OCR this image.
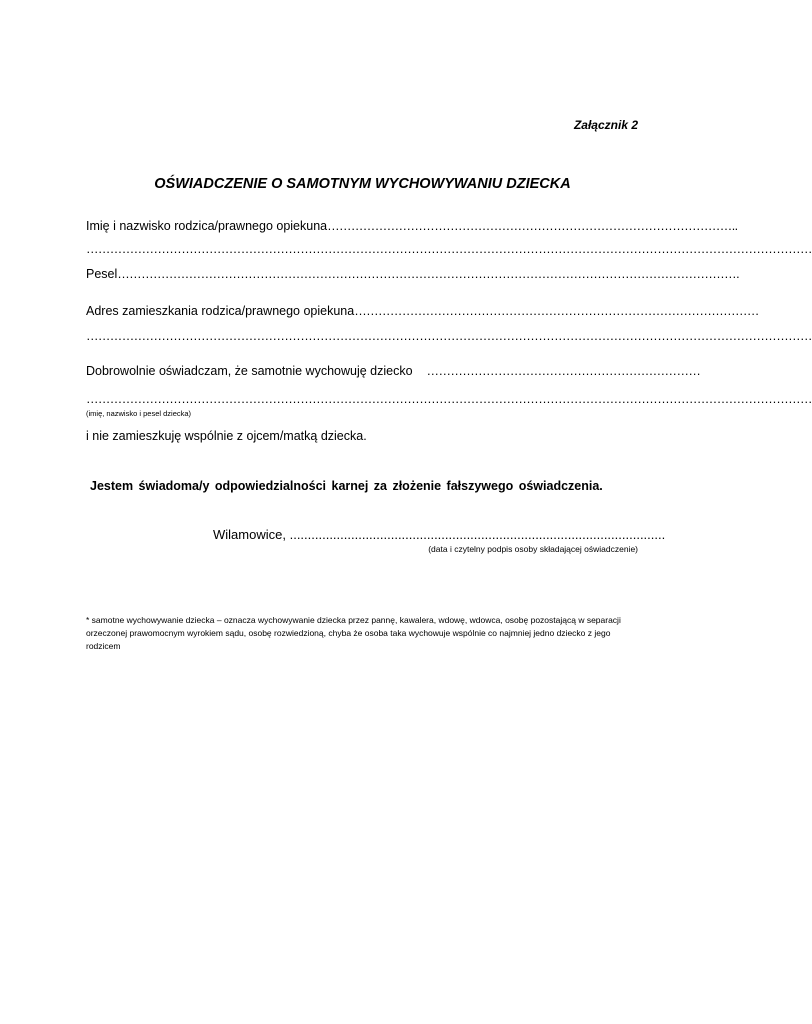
Załącznik 2
OŚWIADCZENIE O SAMOTNYM WYCHOWYWANIU DZIECKA
Imię i nazwisko rodzica/prawnego opiekuna…………………………………………………………………………………………..
…………………………………………………………………………………………………………………………………………………………………
Pesel………………………………………………………………………………………………………………………………………….
Adres zamieszkania rodzica/prawnego opiekuna…………………………………………………………………………………………
…………………………………………………………………………………………………………………………………………………………………
Dobrowolnie oświadczam, że samotnie wychowuję dziecko ……………………………………………………………
…………………………………………………………………………………………………………………………………………………………………
(imię, nazwisko i pesel dziecka)
i nie zamieszkuję wspólnie z ojcem/matką dziecka.
Jestem świadoma/y odpowiedzialności karnej za złożenie fałszywego oświadczenia.
Wilamowice, ........................................................................................................
(data i czytelny podpis osoby składającej oświadczenie)
* samotne wychowywanie dziecka – oznacza wychowywanie dziecka przez pannę, kawalera, wdowę, wdowca, osobę pozostającą w separacji orzeczonej prawomocnym wyrokiem sądu, osobę rozwiedzioną, chyba że osoba taka wychowuje wspólnie co najmniej jedno dziecko z jego rodzicem
